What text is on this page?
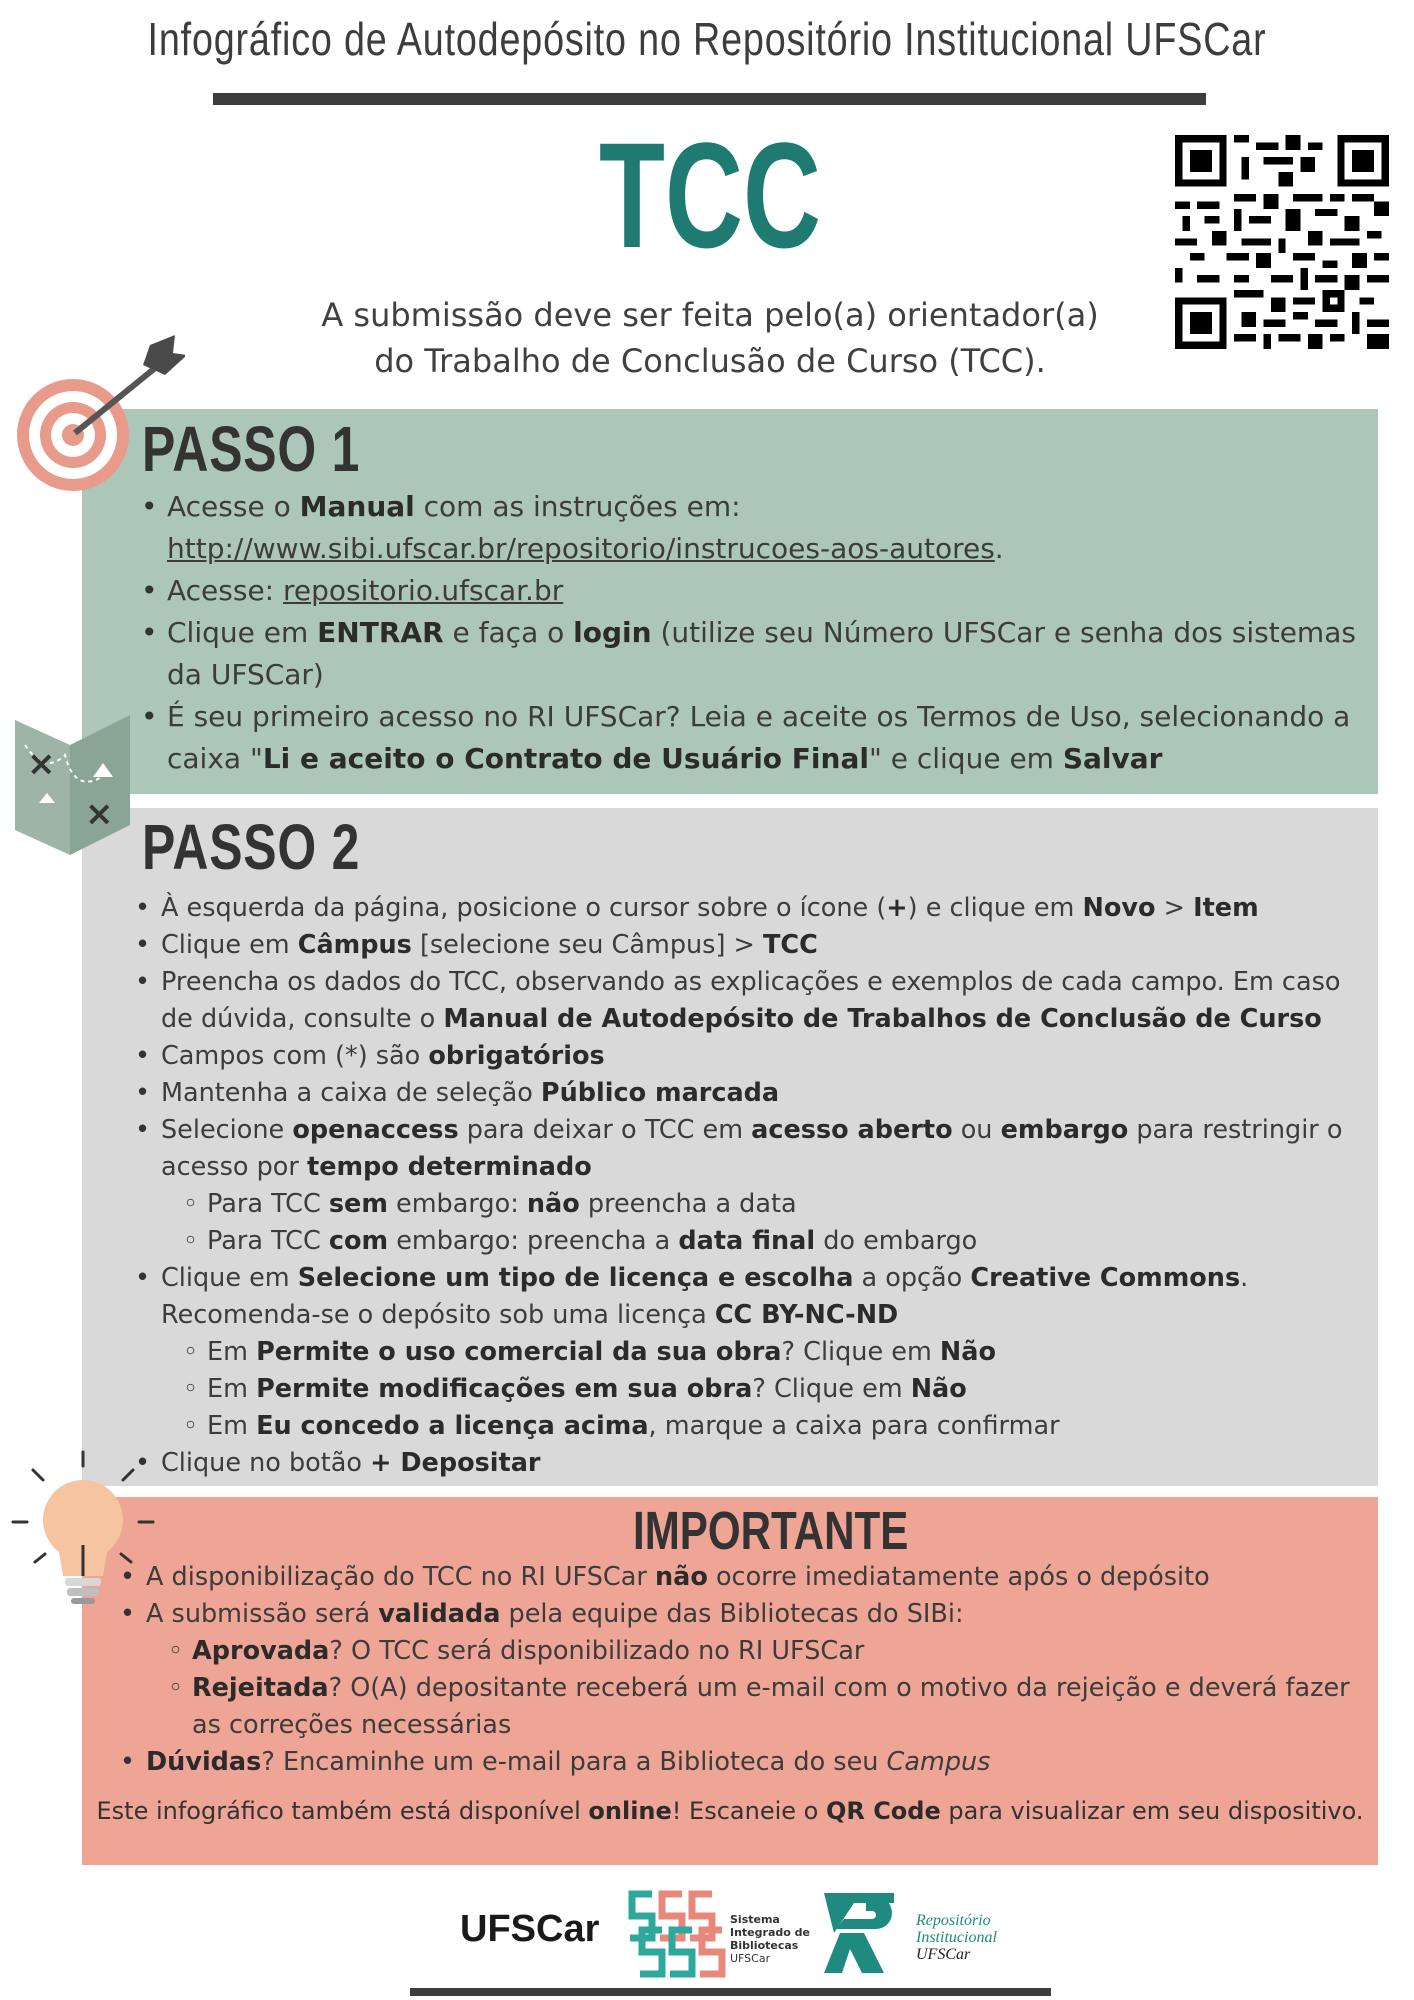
Infográfico de Autodepósito no Repositório Institucional UFSCar
TCC
A submissão deve ser feita pelo(a) orientador(a)
do Trabalho de Conclusão de Curso (TCC).
×
×
PASSO 1
• Acesse o Manual com as instruções em:
http://www.sibi.ufscar.br/repositorio/instrucoes-aos-autores.
• Acesse: repositorio.ufscar.br
• Clique em ENTRAR e faça o login (utilize seu Número UFSCar e senha dos sistemas da UFSCar)
• É seu primeiro acesso no RI UFSCar? Leia e aceite os Termos de Uso, selecionando a caixa "Li e aceito o Contrato de Usuário Final" e clique em Salvar
PASSO 2
• À esquerda da página, posicione o cursor sobre o ícone (+) e clique em Novo > Item
• Clique em Câmpus [selecione seu Câmpus] > TCC
• Preencha os dados do TCC, observando as explicações e exemplos de cada campo. Em caso de dúvida, consulte o Manual de Autodepósito de Trabalhos de Conclusão de Curso
• Campos com (*) são obrigatórios
• Mantenha a caixa de seleção Público marcada
• Selecione openaccess para deixar o TCC em acesso aberto ou embargo para restringir o acesso por tempo determinado
◦ Para TCC sem embargo: não preencha a data
◦ Para TCC com embargo: preencha a data final do embargo
• Clique em Selecione um tipo de licença e escolha a opção Creative Commons. Recomenda-se o depósito sob uma licença CC BY-NC-ND
◦ Em Permite o uso comercial da sua obra? Clique em Não
◦ Em Permite modificações em sua obra? Clique em Não
◦ Em Eu concedo a licença acima, marque a caixa para confirmar
• Clique no botão + Depositar
IMPORTANTE
• A disponibilização do TCC no RI UFSCar não ocorre imediatamente após o depósito
• A submissão será validada pela equipe das Bibliotecas do SIBi:
◦ Aprovada? O TCC será disponibilizado no RI UFSCar
◦ Rejeitada? O(A) depositante receberá um e-mail com o motivo da rejeição e deverá fazer as correções necessárias
• Dúvidas? Encaminhe um e-mail para a Biblioteca do seu Campus
Este infográfico também está disponível online! Escaneie o QR Code para visualizar em seu dispositivo.
UFSCar	Sistema
Integrado de
Bibliotecas
UFSCar
Repositório
Institucional
UFSCar
